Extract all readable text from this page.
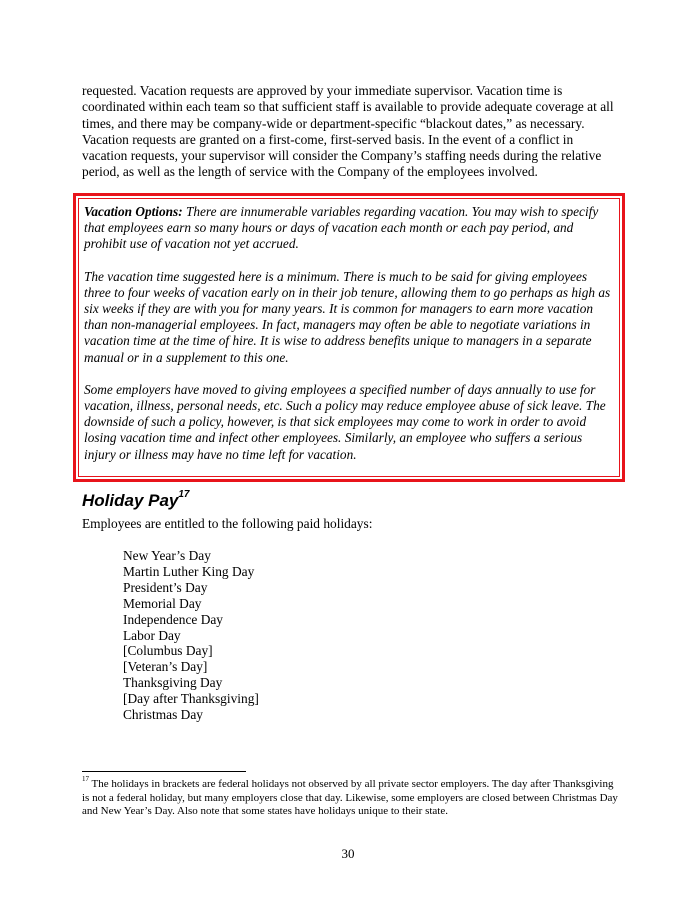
requested. Vacation requests are approved by your immediate supervisor. Vacation time is coordinated within each team so that sufficient staff is available to provide adequate coverage at all times, and there may be company-wide or department-specific “blackout dates,” as necessary. Vacation requests are granted on a first-come, first-served basis. In the event of a conflict in vacation requests, your supervisor will consider the Company’s staffing needs during the relative period, as well as the length of service with the Company of the employees involved.

Vacation Options: There are innumerable variables regarding vacation. You may wish to specify that employees earn so many hours or days of vacation each month or each pay period, and prohibit use of vacation not yet accrued.

The vacation time suggested here is a minimum. There is much to be said for giving employees three to four weeks of vacation early on in their job tenure, allowing them to go perhaps as high as six weeks if they are with you for many years. It is common for managers to earn more vacation than non-managerial employees. In fact, managers may often be able to negotiate variations in vacation time at the time of hire. It is wise to address benefits unique to managers in a separate manual or in a supplement to this one.

Some employers have moved to giving employees a specified number of days annually to use for vacation, illness, personal needs, etc. Such a policy may reduce employee abuse of sick leave. The downside of such a policy, however, is that sick employees may come to work in order to avoid losing vacation time and infect other employees. Similarly, an employee who suffers a serious injury or illness may have no time left for vacation.

Holiday Pay$^{17}$

Employees are entitled to the following paid holidays:

New Year’s Day
Martin Luther King Day
President’s Day
Memorial Day
Independence Day
Labor Day
[Columbus Day]
[Veteran’s Day]
Thanksgiving Day
[Day after Thanksgiving]
Christmas Day

$^{17}$ The holidays in brackets are federal holidays not observed by all private sector employers. The day after Thanksgiving is not a federal holiday, but many employers close that day. Likewise, some employers are closed between Christmas Day and New Year’s Day. Also note that some states have holidays unique to their state.

30
